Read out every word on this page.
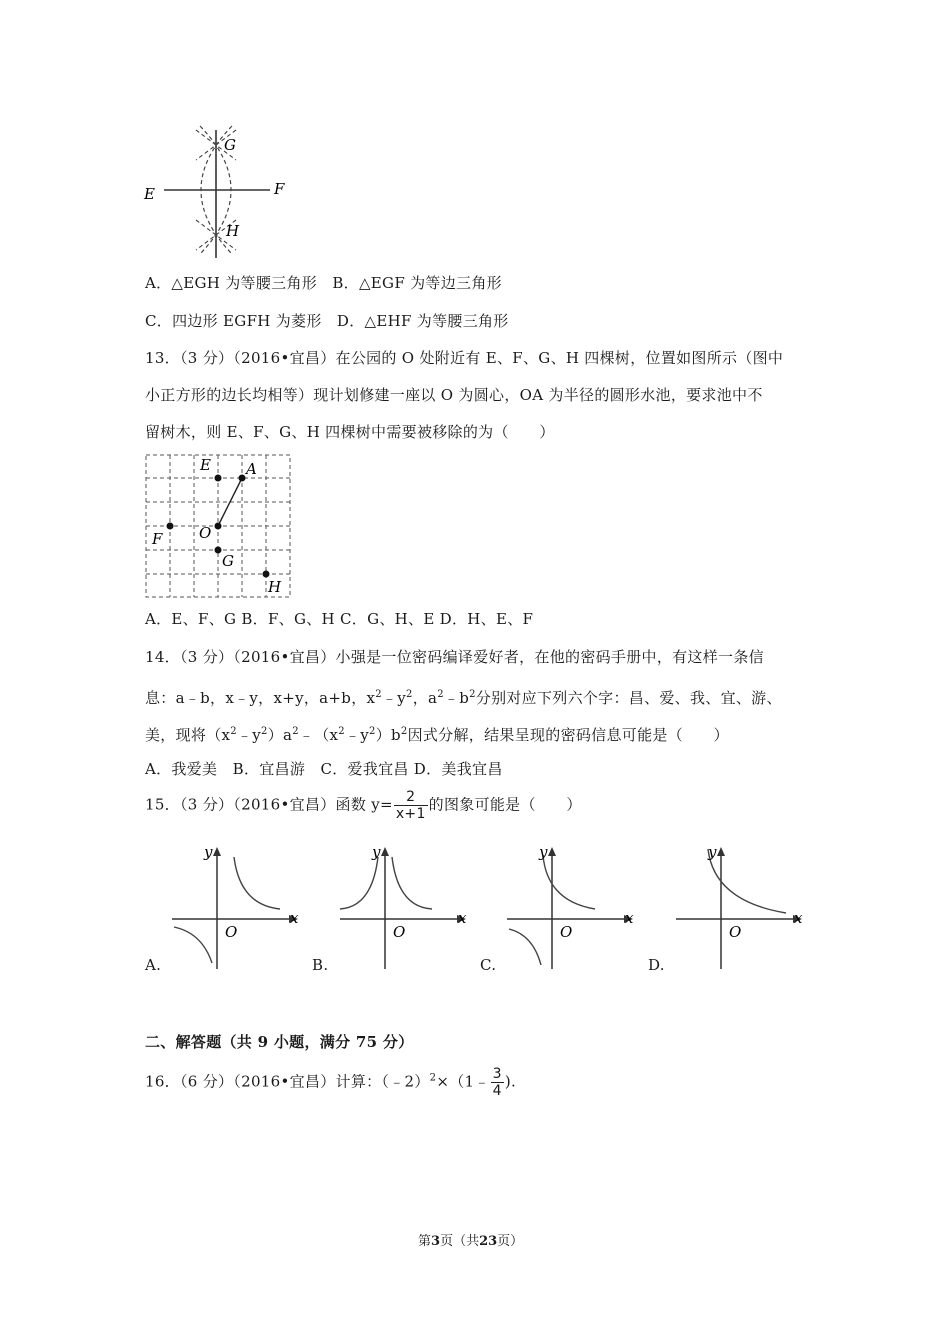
G
H
E	F
A．△EGH 为等腰三角形　B．△EGF 为等边三角形
C．四边形 EGFH 为菱形　D．△EHF 为等腰三角形
13．（3 分）（2016•宜昌）在公园的 O 处附近有 E、F、G、H 四棵树，位置如图所示（图中
小正方形的边长均相等）现计划修建一座以 O 为圆心，OA 为半径的圆形水池，要求池中不
留树木，则 E、F、G、H 四棵树中需要被移除的为（　　）
E A
O
F
G
H
A．E、F、G B．F、G、H C．G、H、E D．H、E、F
14．（3 分）（2016•宜昌）小强是一位密码编译爱好者，在他的密码手册中，有这样一条信
息：a﹣b，x﹣y，x+y，a+b，$x^2﹣y^2$，$a^2﹣b^2$分别对应下列六个字：昌、爱、我、宜、游、
美，现将$(x^2﹣y^2)a^2﹣(x^2﹣y^2)b^2$因式分解，结果呈现的密码信息可能是（　　）
A．我爱美　B．宜昌游　C．爱我宜昌 D．美我宜昌
15．（3 分）（2016•宜昌）函数 $y= \frac{2}{x+1}$ 的图象可能是（　　）
y
x
O
y
x
O
y
x
O
y
x
O
A.	B.	C.	D.
二、解答题（共 9 小题，满分 75 分）
16．（6 分）（2016•宜昌）计算：（﹣2）$^2$×（1﹣ $\frac{3}{4}$ ).
第3页（共23页）
